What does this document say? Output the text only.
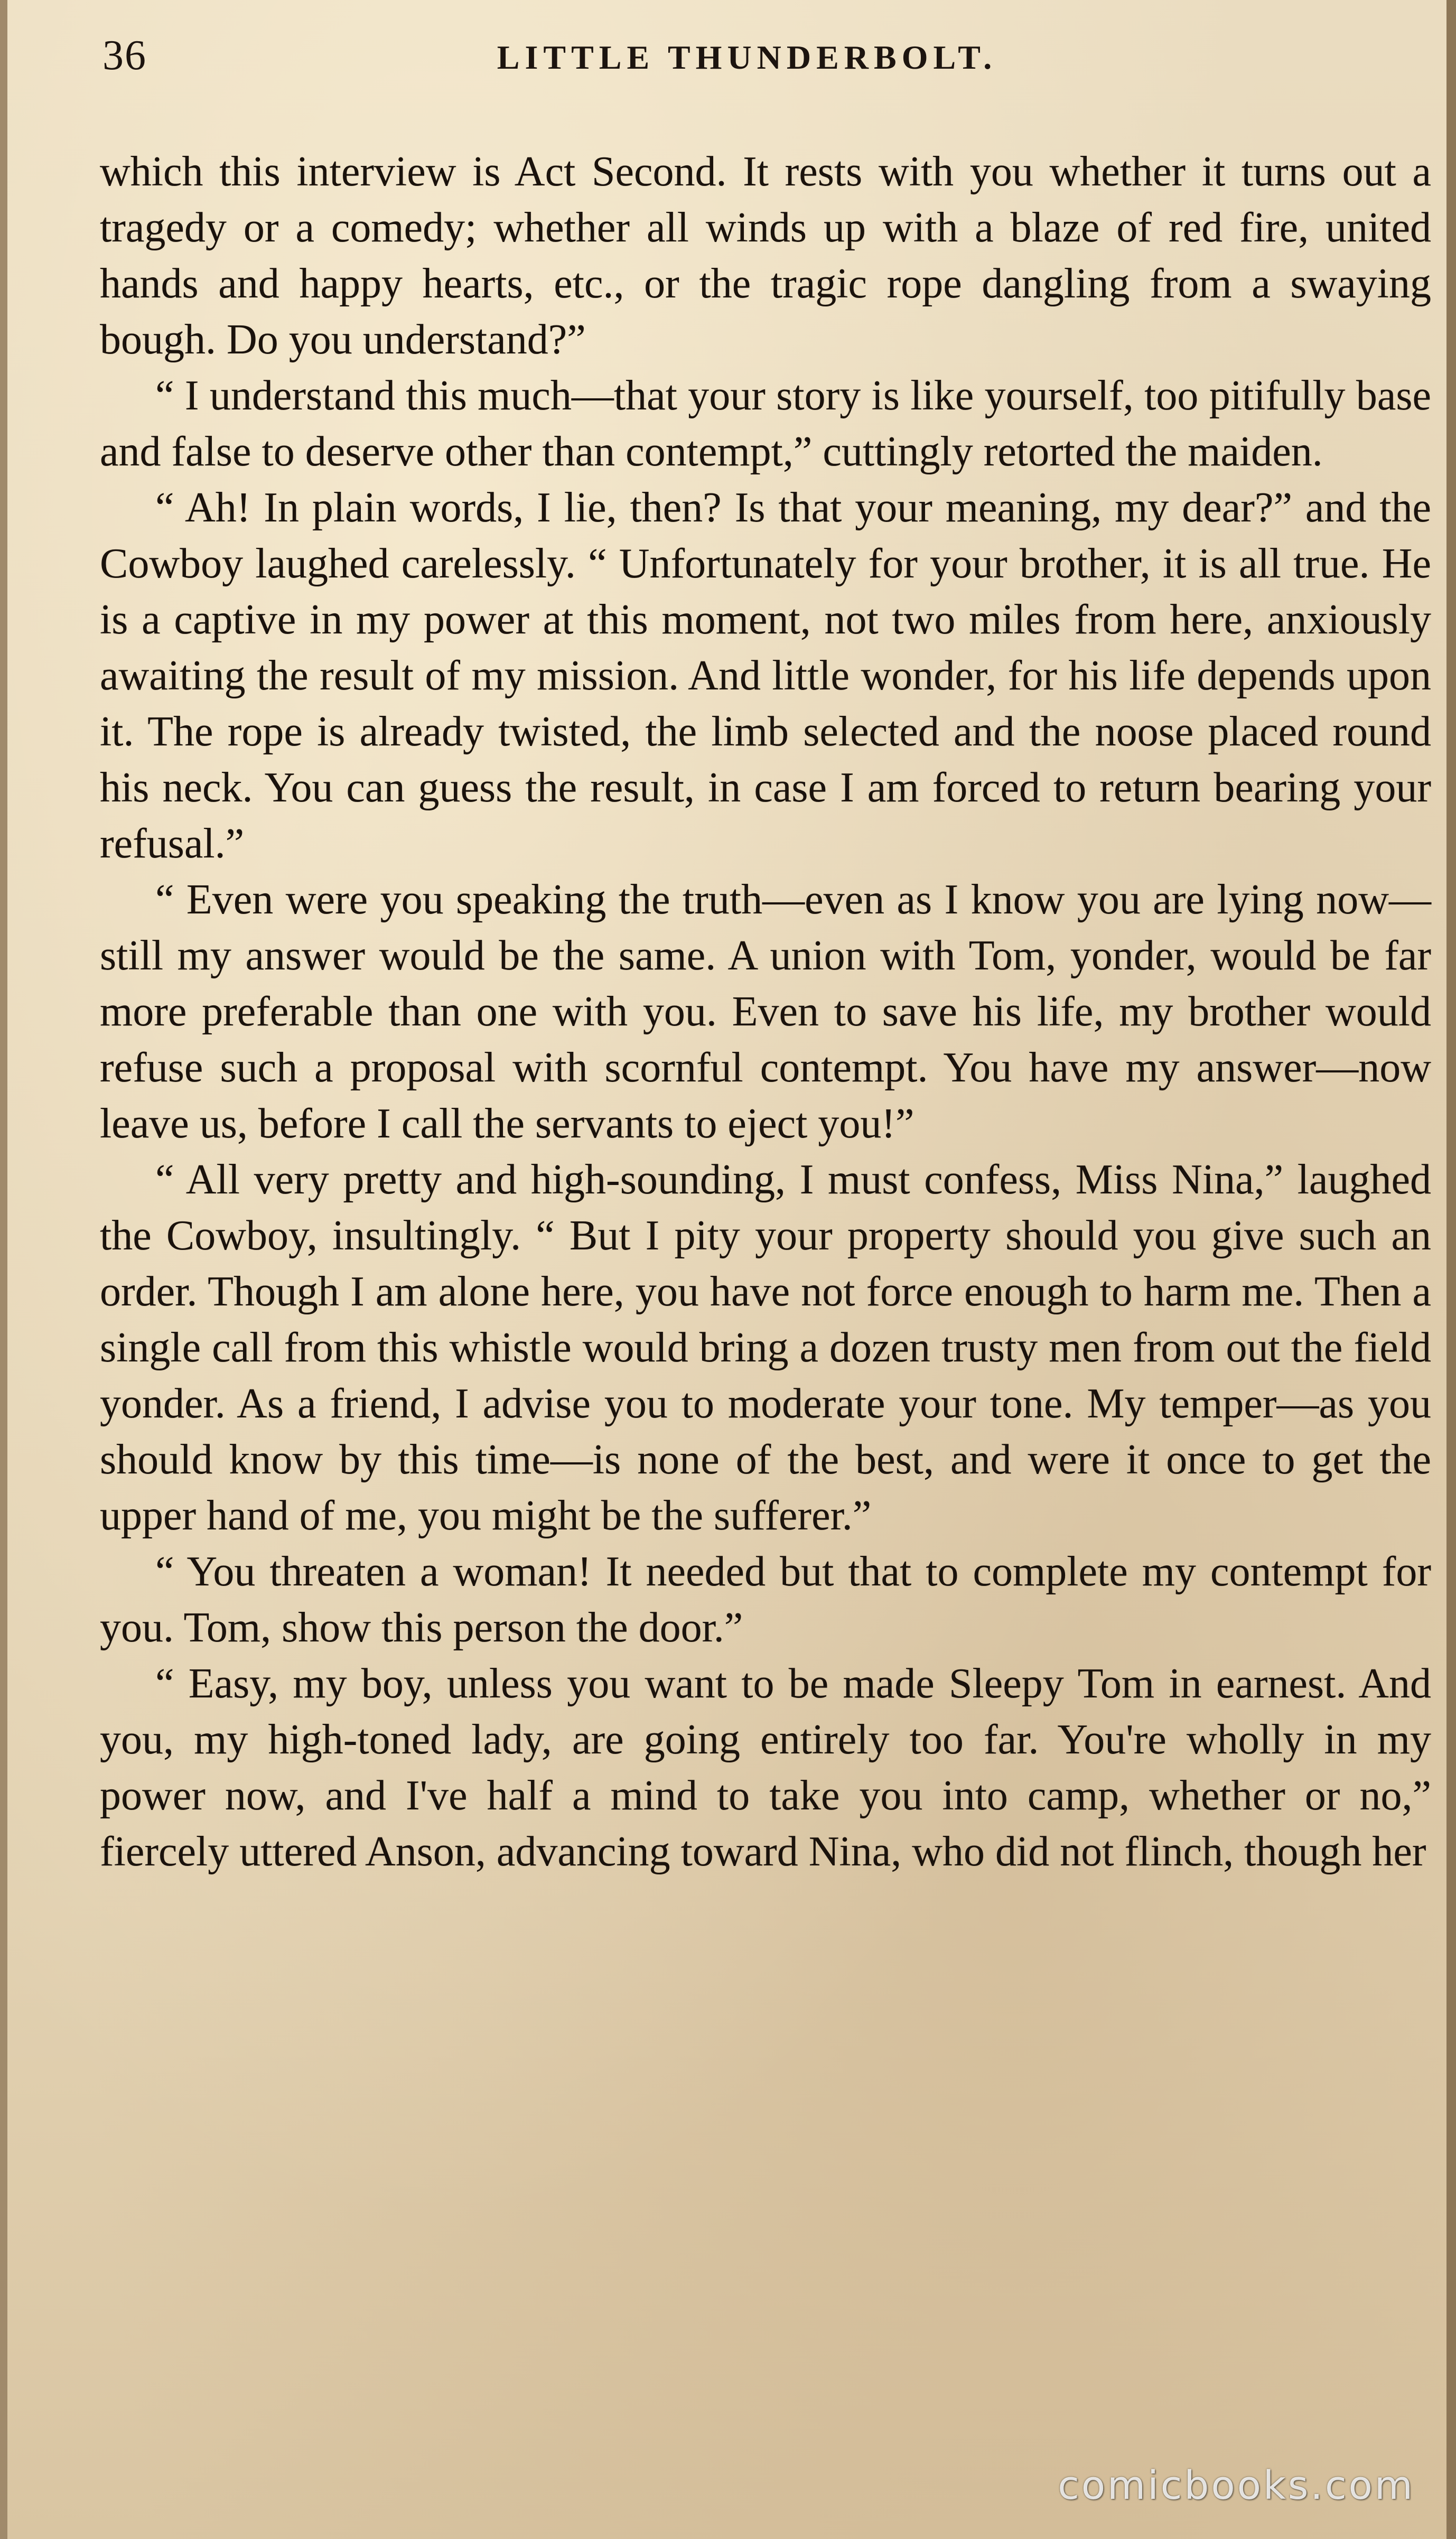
36	LITTLE THUNDERBOLT.

which this interview is Act Second. It rests with you whether it turns out a tragedy or a comedy; whether all winds up with a blaze of red fire, united hands and happy hearts, etc., or the tragic rope dangling from a swaying bough. Do you understand?”

“ I understand this much—that your story is like yourself, too pitifully base and false to deserve other than contempt,” cuttingly retorted the maiden.

“ Ah! In plain words, I lie, then? Is that your meaning, my dear?” and the Cowboy laughed carelessly. “ Unfortunately for your brother, it is all true. He is a captive in my power at this moment, not two miles from here, anxiously awaiting the result of my mission. And little wonder, for his life depends upon it. The rope is already twisted, the limb selected and the noose placed round his neck. You can guess the result, in case I am forced to return bearing your refusal.”

“ Even were you speaking the truth—even as I know you are lying now—still my answer would be the same. A union with Tom, yonder, would be far more preferable than one with you. Even to save his life, my brother would refuse such a proposal with scornful contempt. You have my answer—now leave us, before I call the servants to eject you!”

“ All very pretty and high-sounding, I must confess, Miss Nina,” laughed the Cowboy, insultingly. “ But I pity your property should you give such an order. Though I am alone here, you have not force enough to harm me. Then a single call from this whistle would bring a dozen trusty men from out the field yonder. As a friend, I advise you to moderate your tone. My temper—as you should know by this time—is none of the best, and were it once to get the upper hand of me, you might be the sufferer.”

“ You threaten a woman! It needed but that to complete my contempt for you. Tom, show this person the door.”

“ Easy, my boy, unless you want to be made Sleepy Tom in earnest. And you, my high-toned lady, are going entirely too far. You're wholly in my power now, and I've half a mind to take you into camp, whether or no,” fiercely uttered Anson, advancing toward Nina, who did not flinch, though her

comicbooks.com
